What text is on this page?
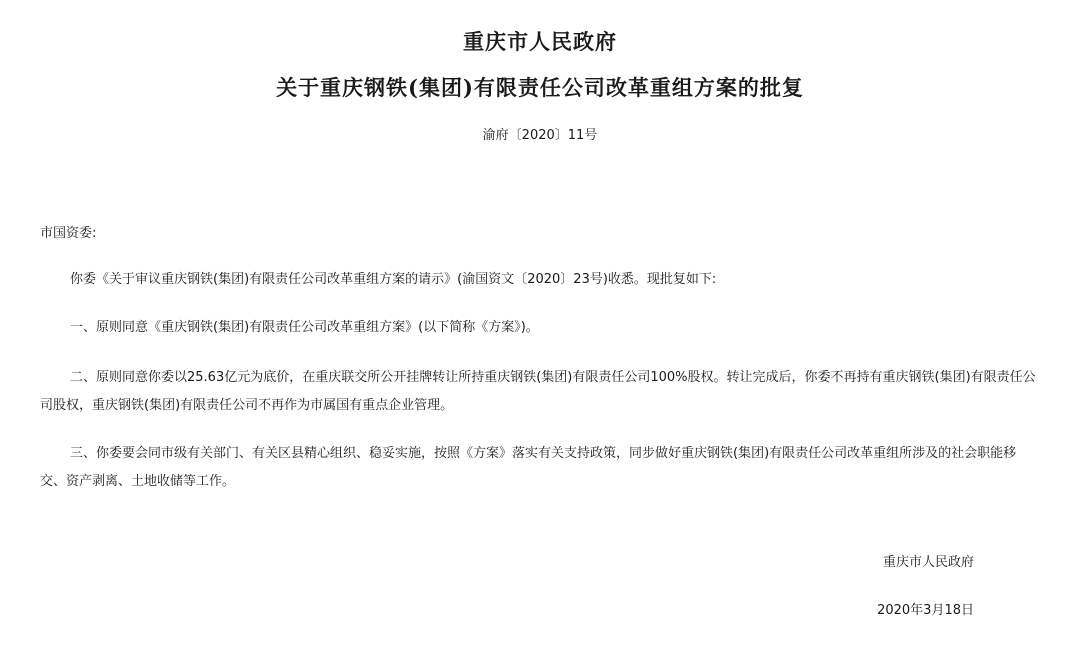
重庆市人民政府
关于重庆钢铁(集团)有限责任公司改革重组方案的批复
渝府〔2020〕11号
市国资委:
你委《关于审议重庆钢铁(集团)有限责任公司改革重组方案的请示》(渝国资文〔2020〕23号)收悉。现批复如下:
一、原则同意《重庆钢铁(集团)有限责任公司改革重组方案》(以下简称《方案》)。
二、原则同意你委以25.63亿元为底价，在重庆联交所公开挂牌转让所持重庆钢铁(集团)有限责任公司100%股权。转让完成后，你委不再持有重庆钢铁(集团)有限责任公司股权，重庆钢铁(集团)有限责任公司不再作为市属国有重点企业管理。
三、你委要会同市级有关部门、有关区县精心组织、稳妥实施，按照《方案》落实有关支持政策，同步做好重庆钢铁(集团)有限责任公司改革重组所涉及的社会职能移交、资产剥离、土地收储等工作。
重庆市人民政府
2020年3月18日
